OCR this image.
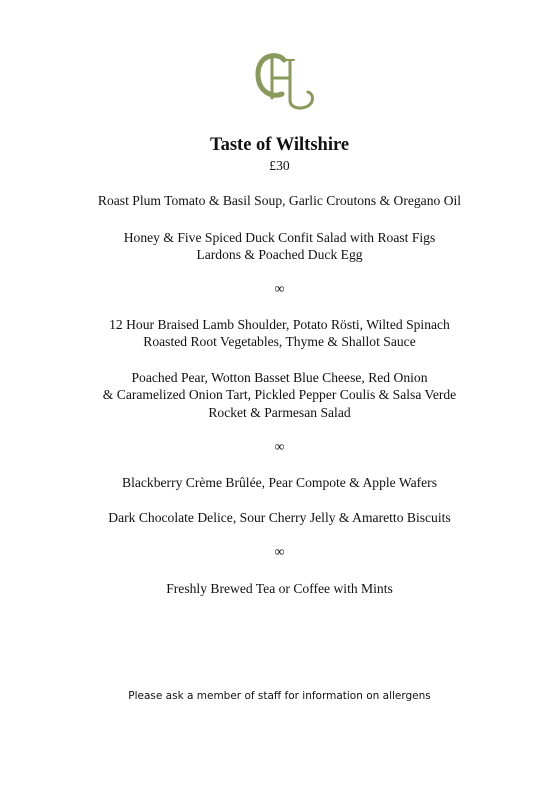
Taste of Wiltshire
£30
Roast Plum Tomato & Basil Soup, Garlic Croutons & Oregano Oil
Honey & Five Spiced Duck Confit Salad with Roast Figs
Lardons & Poached Duck Egg
∞
12 Hour Braised Lamb Shoulder, Potato Rösti, Wilted Spinach
Roasted Root Vegetables, Thyme & Shallot Sauce
Poached Pear, Wotton Basset Blue Cheese, Red Onion
& Caramelized Onion Tart, Pickled Pepper Coulis & Salsa Verde
Rocket & Parmesan Salad
∞
Blackberry Crème Brûlée, Pear Compote & Apple Wafers
Dark Chocolate Delice, Sour Cherry Jelly & Amaretto Biscuits
∞
Freshly Brewed Tea or Coffee with Mints
Please ask a member of staff for information on allergens
